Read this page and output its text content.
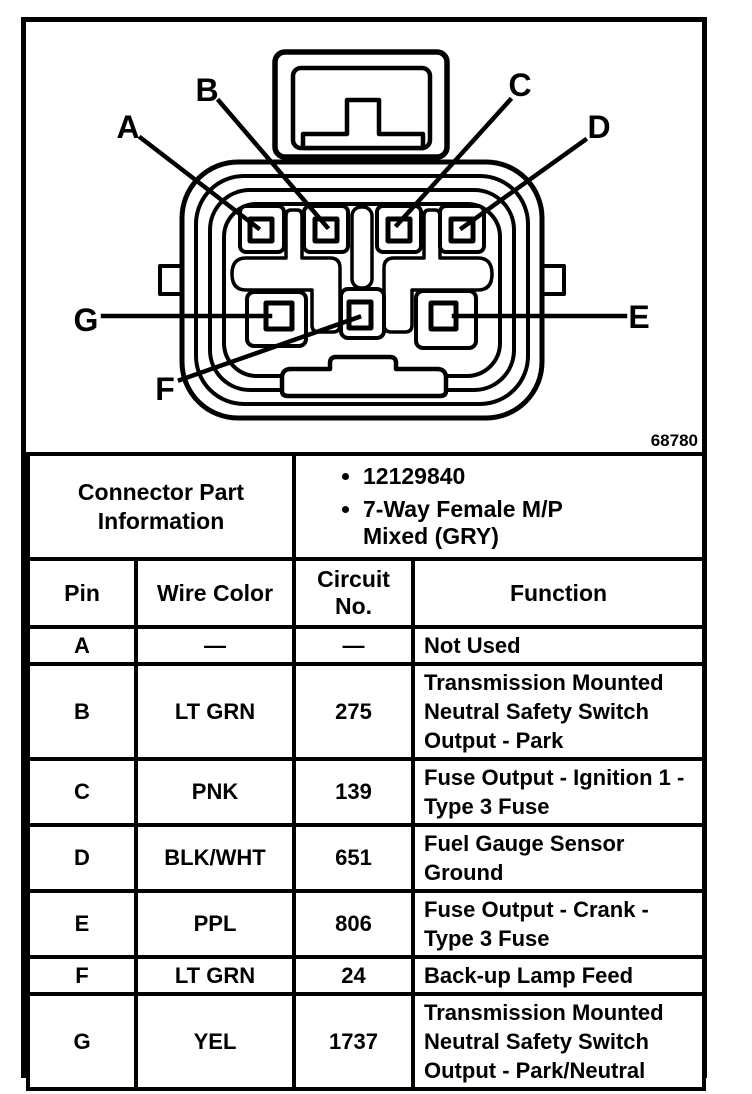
A
B	C
D
E
F
G
68780
Connector Part Information

• 12129840
• 7-Way Female M/P Mixed (GRY)

Pin	Wire Color	Circuit No.	Function
A	—	—	Not Used
B	LT GRN	275	Transmission Mounted Neutral Safety Switch Output - Park
C	PNK	139	Fuse Output - Ignition 1 - Type 3 Fuse
D	BLK/WHT	651	Fuel Gauge Sensor Ground
E	PPL	806	Fuse Output - Crank - Type 3 Fuse
F	LT GRN	24	Back-up Lamp Feed
G	YEL	1737	Transmission Mounted Neutral Safety Switch Output - Park/Neutral
